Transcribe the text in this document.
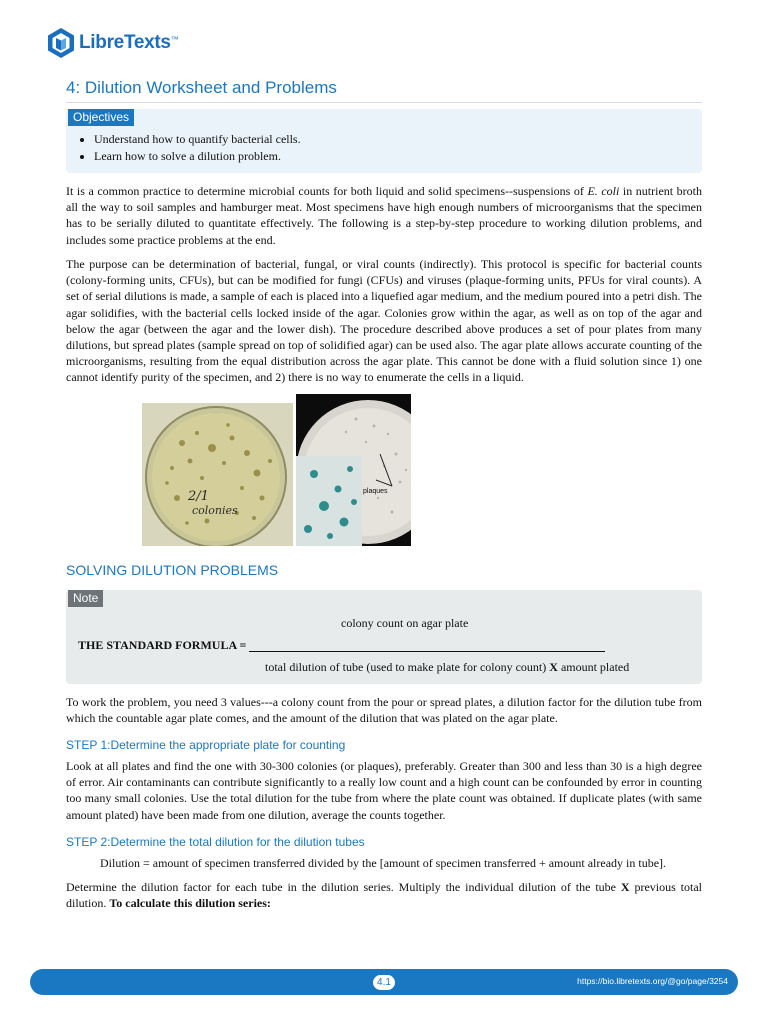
LibreTexts ™
4: Dilution Worksheet and Problems
Objectives
• Understand how to quantify bacterial cells.
• Learn how to solve a dilution problem.

It is a common practice to determine microbial counts for both liquid and solid specimens--suspensions of E. coli in nutrient broth all the way to soil samples and hamburger meat. Most specimens have high enough numbers of microorganisms that the specimen has to be serially diluted to quantitate effectively. The following is a step-by-step procedure to working dilution problems, and includes some practice problems at the end.

The purpose can be determination of bacterial, fungal, or viral counts (indirectly). This protocol is specific for bacterial counts (colony-forming units, CFUs), but can be modified for fungi (CFUs) and viruses (plaque-forming units, PFUs for viral counts). A set of serial dilutions is made, a sample of each is placed into a liquefied agar medium, and the medium poured into a petri dish. The agar solidifies, with the bacterial cells locked inside of the agar. Colonies grow within the agar, as well as on top of the agar and below the agar (between the agar and the lower dish). The procedure described above produces a set of pour plates from many dilutions, but spread plates (sample spread on top of solidified agar) can be used also. The agar plate allows accurate counting of the microorganisms, resulting from the equal distribution across the agar plate. This cannot be done with a fluid solution since 1) one cannot identify purity of the specimen, and 2) there is no way to enumerate the cells in a liquid.

2/1
colonies
plaques
SOLVING DILUTION PROBLEMS
Note
colony count on agar plate
THE STANDARD FORMULA =
total dilution of tube (used to make plate for colony count) X amount plated

To work the problem, you need 3 values---a colony count from the pour or spread plates, a dilution factor for the dilution tube from which the countable agar plate comes, and the amount of the dilution that was plated on the agar plate.

STEP 1:Determine the appropriate plate for counting

Look at all plates and find the one with 30-300 colonies (or plaques), preferably. Greater than 300 and less than 30 is a high degree of error. Air contaminants can contribute significantly to a really low count and a high count can be confounded by error in counting too many small colonies. Use the total dilution for the tube from where the plate count was obtained. If duplicate plates (with same amount plated) have been made from one dilution, average the counts together.

STEP 2:Determine the total dilution for the dilution tubes

Dilution = amount of specimen transferred divided by the [amount of specimen transferred + amount already in tube].

Determine the dilution factor for each tube in the dilution series. Multiply the individual dilution of the tube X previous total dilution. To calculate this dilution series:

4.1	https://bio.libretexts.org/@go/page/3254
